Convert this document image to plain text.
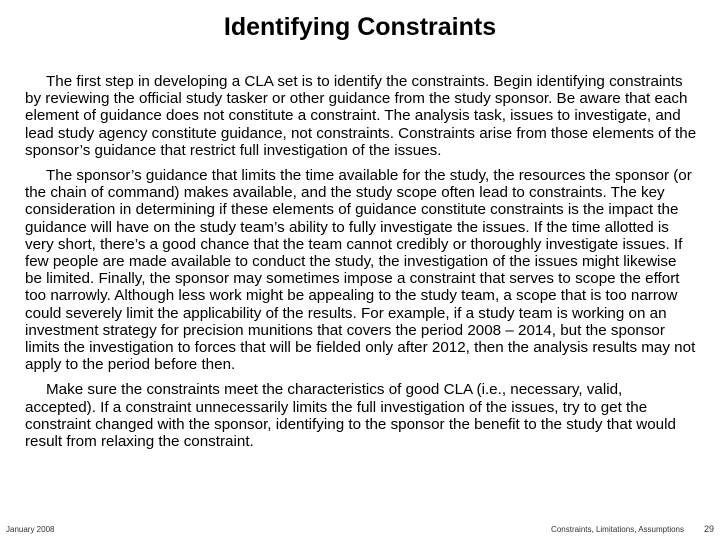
Identifying Constraints

The first step in developing a CLA set is to identify the constraints. Begin identifying constraints by reviewing the official study tasker or other guidance from the study sponsor. Be aware that each element of guidance does not constitute a constraint. The analysis task, issues to investigate, and lead study agency constitute guidance, not constraints. Constraints arise from those elements of the sponsor’s guidance that restrict full investigation of the issues.

The sponsor’s guidance that limits the time available for the study, the resources the sponsor (or the chain of command) makes available, and the study scope often lead to constraints. The key consideration in determining if these elements of guidance constitute constraints is the impact the guidance will have on the study team’s ability to fully investigate the issues. If the time allotted is very short, there’s a good chance that the team cannot credibly or thoroughly investigate issues. If few people are made available to conduct the study, the investigation of the issues might likewise be limited. Finally, the sponsor may sometimes impose a constraint that serves to scope the effort too narrowly. Although less work might be appealing to the study team, a scope that is too narrow could severely limit the applicability of the results. For example, if a study team is working on an investment strategy for precision munitions that covers the period 2008 – 2014, but the sponsor limits the investigation to forces that will be fielded only after 2012, then the analysis results may not apply to the period before then.

Make sure the constraints meet the characteristics of good CLA (i.e., necessary, valid, accepted). If a constraint unnecessarily limits the full investigation of the issues, try to get the constraint changed with the sponsor, identifying to the sponsor the benefit to the study that would result from relaxing the constraint.

January 2008	Constraints, Limitations, Assumptions 29
